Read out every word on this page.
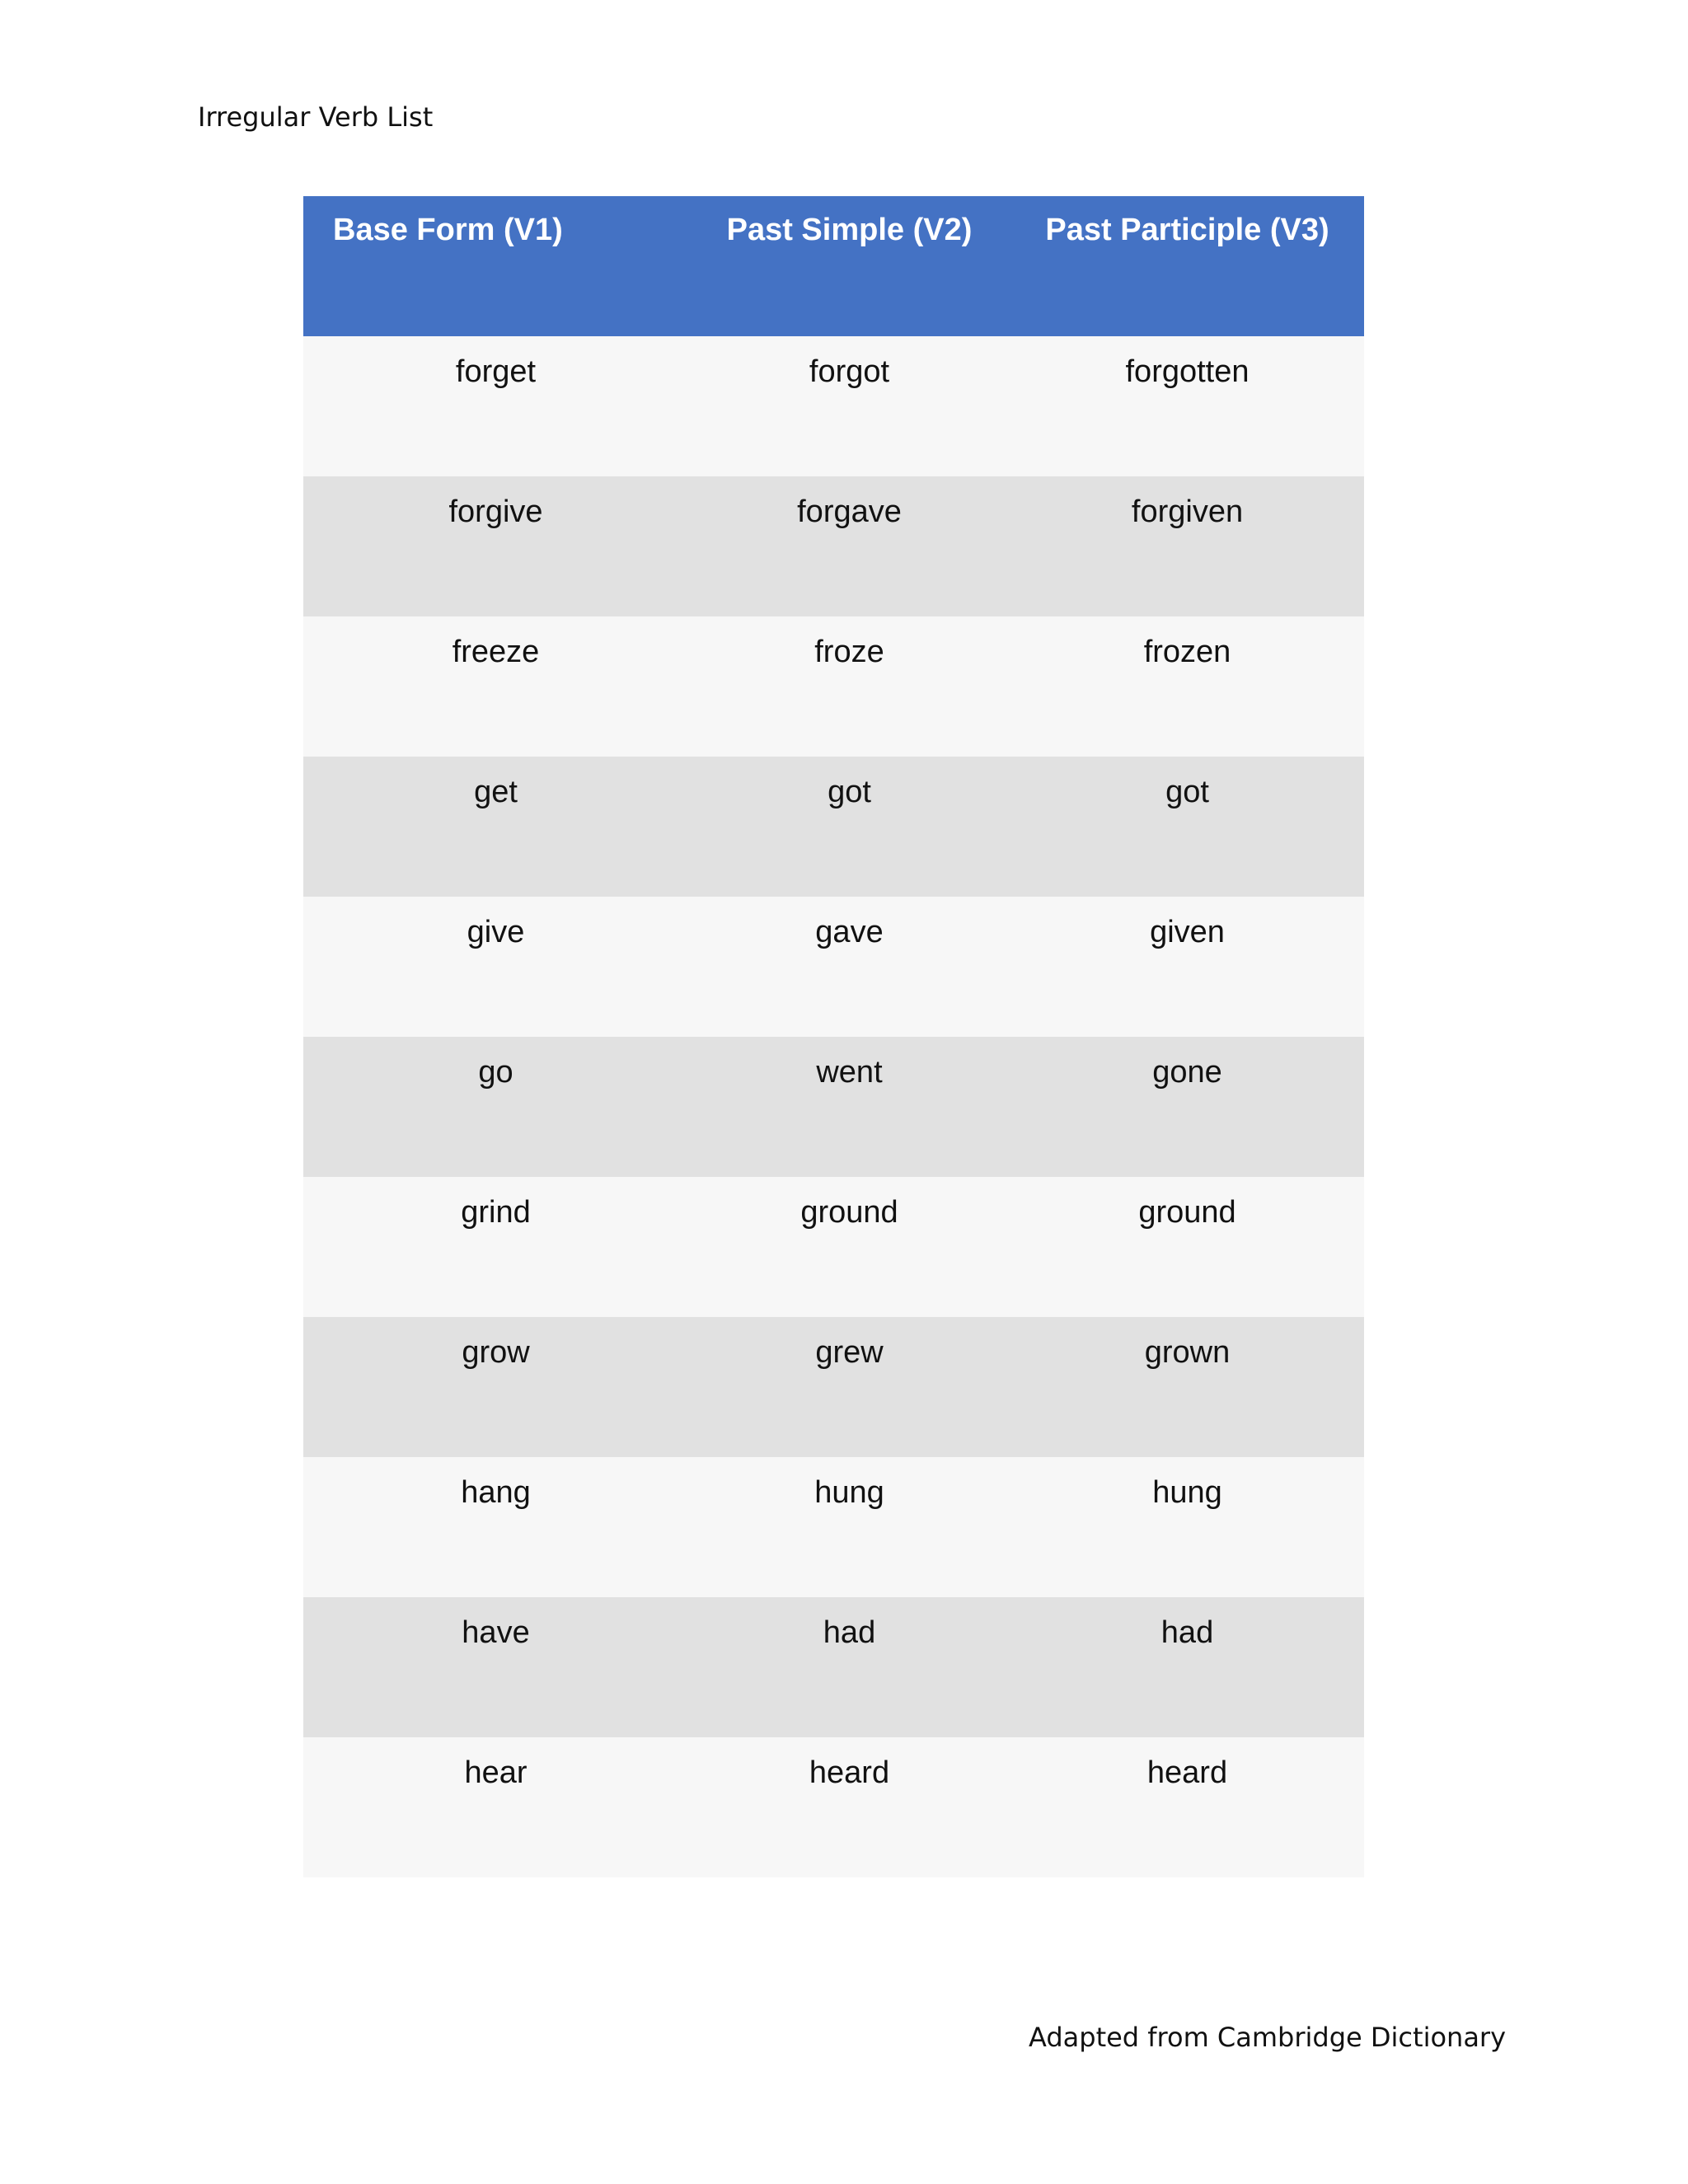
Irregular Verb List
Base Form (V1)	Past Simple (V2)	Past Participle (V3)
forget	forgot	forgotten
forgive	forgave	forgiven
freeze	froze	frozen
get	got	got
give	gave	given
go	went	gone
grind	ground	ground
grow	grew	grown
hang	hung	hung
have	had	had
hear	heard	heard
Adapted from Cambridge Dictionary
